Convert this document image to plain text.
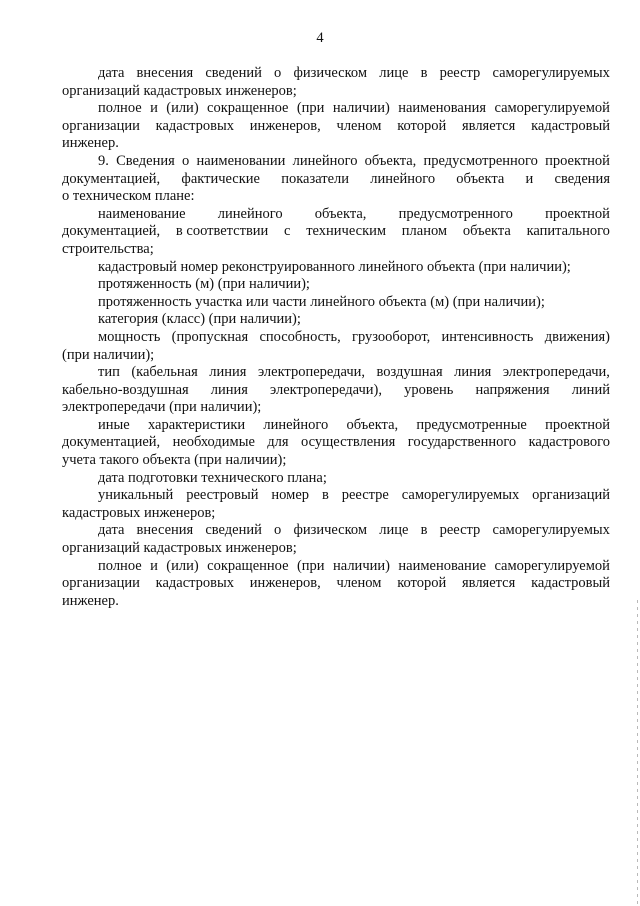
4
дата внесения сведений о физическом лице в реестр саморегулируемых
организаций кадастровых инженеров;
полное и (или) сокращенное (при наличии) наименования саморегулируемой
организации кадастровых инженеров, членом которой является кадастровый
инженер.
9. Сведения о наименовании линейного объекта, предусмотренного проектной
документацией, фактические показатели линейного объекта и сведения
о техническом плане:
наименование линейного объекта, предусмотренного проектной
документацией, в соответствии с техническим планом объекта капитального
строительства;
кадастровый номер реконструированного линейного объекта (при наличии);
протяженность (м) (при наличии);
протяженность участка или части линейного объекта (м) (при наличии);
категория (класс) (при наличии);
мощность (пропускная способность, грузооборот, интенсивность движения)
(при наличии);
тип (кабельная линия электропередачи, воздушная линия электропередачи,
кабельно-воздушная линия электропередачи), уровень напряжения линий
электропередачи (при наличии);
иные характеристики линейного объекта, предусмотренные проектной
документацией, необходимые для осуществления государственного кадастрового
учета такого объекта (при наличии);
дата подготовки технического плана;
уникальный реестровый номер в реестре саморегулируемых организаций
кадастровых инженеров;
дата внесения сведений о физическом лице в реестр саморегулируемых
организаций кадастровых инженеров;
полное и (или) сокращенное (при наличии) наименование саморегулируемой
организации кадастровых инженеров, членом которой является кадастровый
инженер.
